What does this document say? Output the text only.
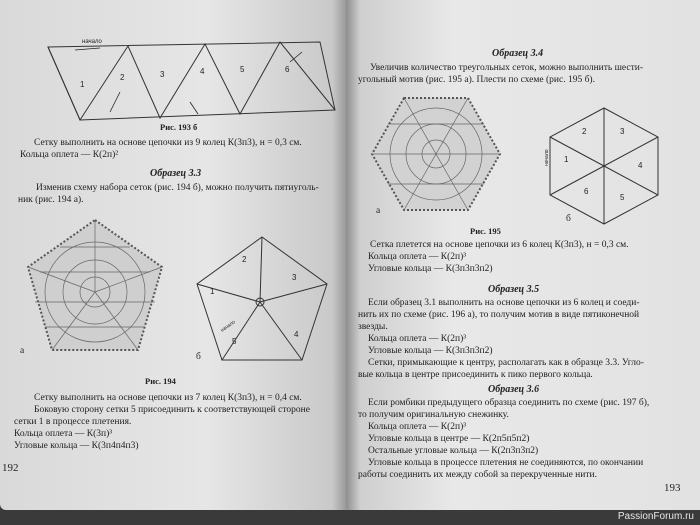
1
2	3	4	5	6
начало
Рис. 193 б
Сетку выполнить на основе цепочки из 9 колец К(3п3), н = 0,3 см.
Кольца оплета — К(2п)²
Образец 3.3
Изменив схему набора сеток (рис. 194 б), можно получить пятиуголь-
ник (рис. 194 а).
а
1
2
3
4
5
начало
б
Рис. 194
Сетку выполнить на основе цепочки из 7 колец К(3п3), н = 0,4 см.
Боковую сторону сетки 5 присоединить к соответствующей стороне
сетки 1 в процессе плетения.
Кольца оплета — К(3п)³
Угловые кольца — К(3п4п4п3)
192
Образец 3.4
Увеличив количество треугольных сеток, можно выполнить шести-
угольный мотив (рис. 195 а). Плести по схеме (рис. 195 б).
а
1
2	3
4
5
6
начало
б
Рис. 195
Сетка плетется на основе цепочки из 6 колец К(3п3), н = 0,3 см.
Кольца оплета — К(2п)³
Угловые кольца — К(3п3п3п2)
Образец 3.5
Если образец 3.1 выполнить на основе цепочки из 6 колец и соеди-
нить их по схеме (рис. 196 а), то получим мотив в виде пятиконечной
звезды.
Кольца оплета — К(2п)³
Угловые кольца — К(3п3п3п2)
Сетки, примыкающие к центру, располагать как в образце 3.3. Угло-
вые кольца в центре присоединить к пико первого кольца.
Образец 3.6
Если ромбики предыдущего образца соединить по схеме (рис. 197 б),
то получим оригинальную снежинку.
Кольца оплета — К(2п)³
Угловые кольца в центре — К(2п5п5п2)
Остальные угловые кольца — К(2п3п3п2)
Угловые кольца в процессе плетения не соединяются, по окончании
работы соединить их между собой за перекрученные нити.
193
PassionForum.ru
